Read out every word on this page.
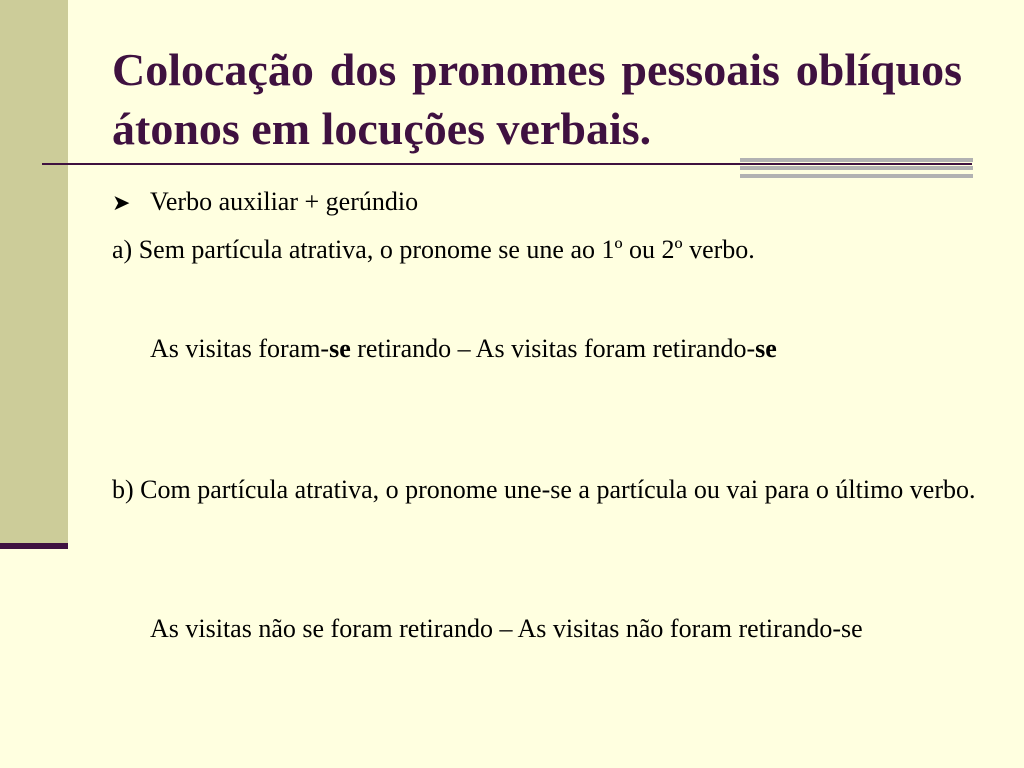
Colocação dos pronomes pessoais oblíquos átonos em locuções verbais.
➤ Verbo auxiliar + gerúndio

a) Sem partícula atrativa, o pronome se une ao 1º ou 2º verbo.

As visitas foram-se retirando – As visitas foram retirando-se

b) Com partícula atrativa, o pronome une-se a partícula ou vai para o último verbo.

As visitas não se foram retirando – As visitas não foram retirando-se
